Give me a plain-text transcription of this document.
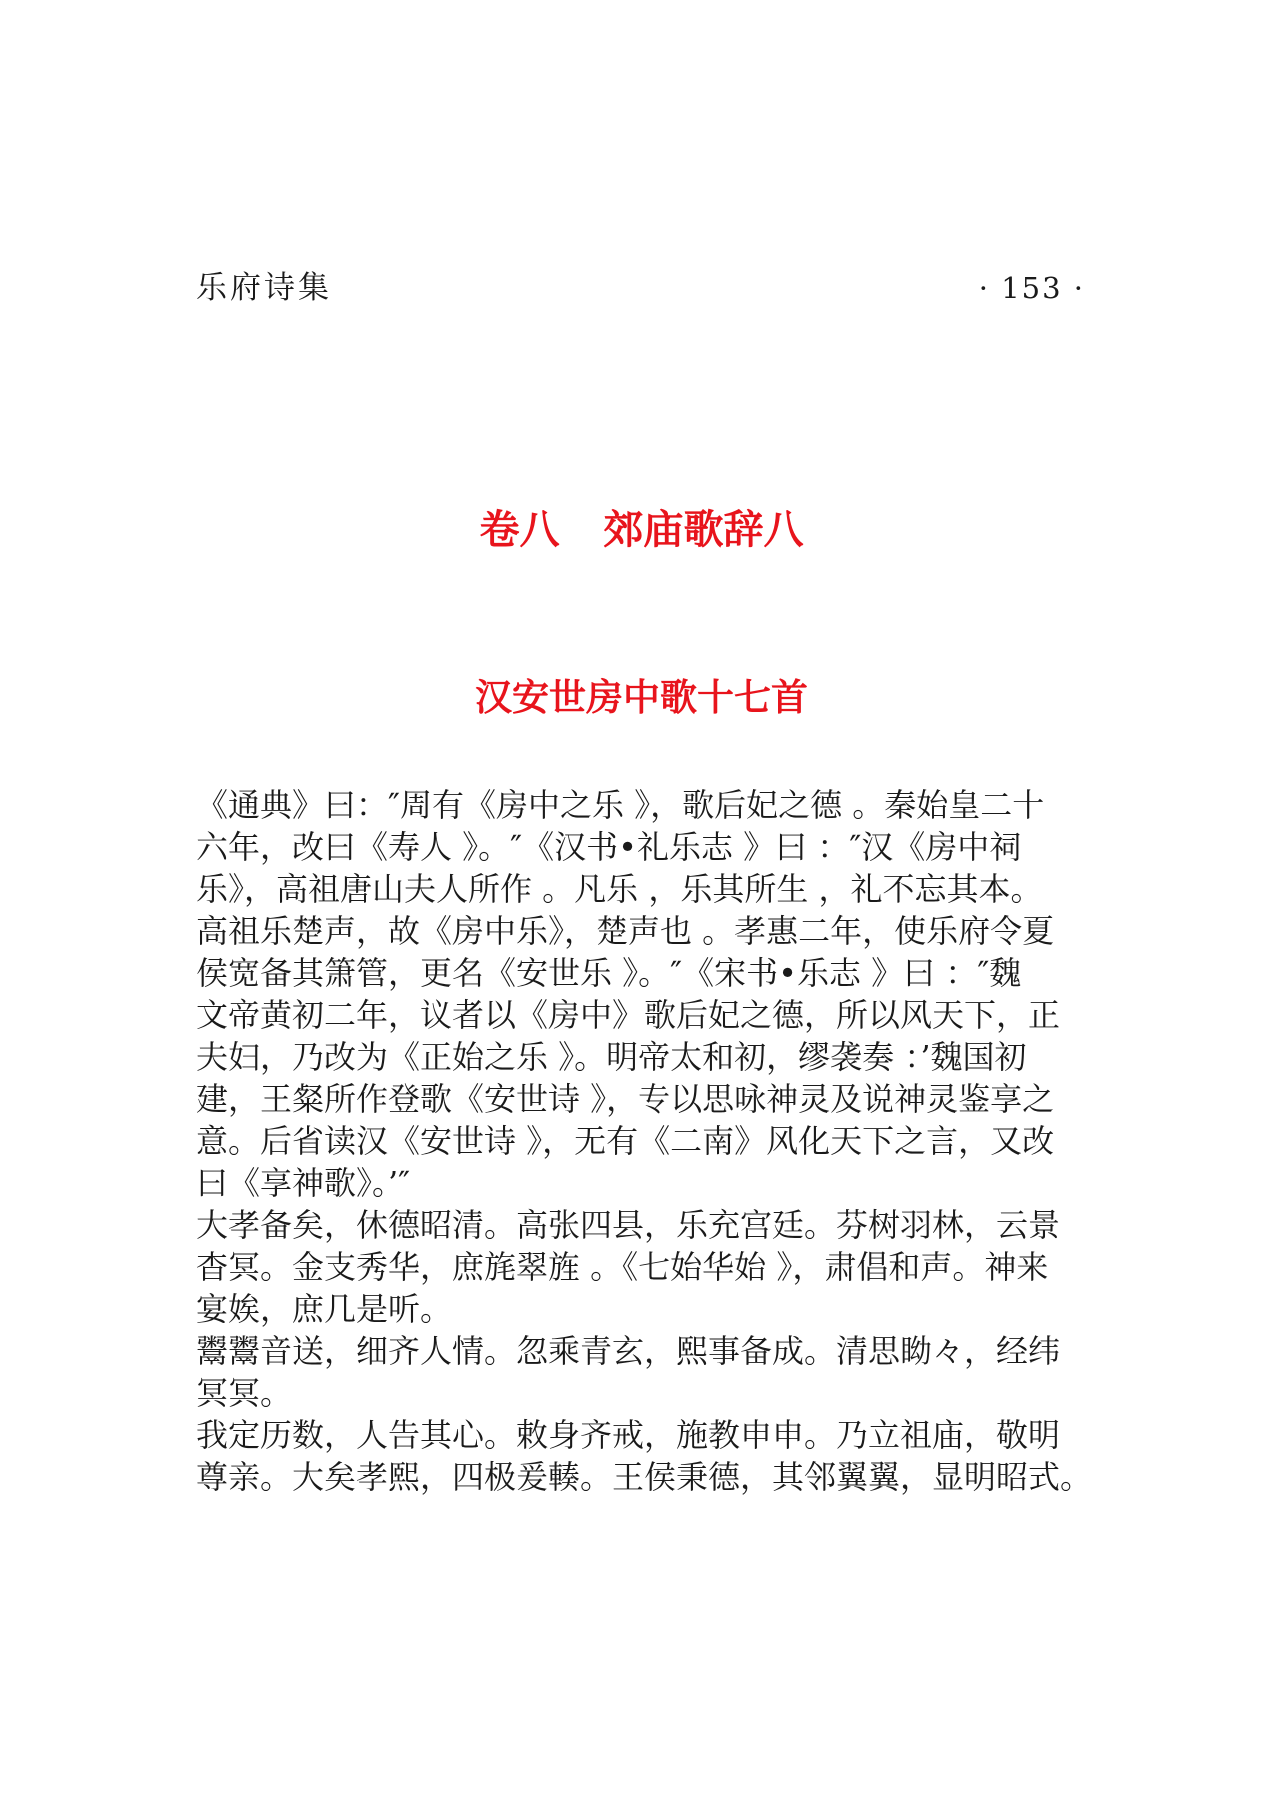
乐府诗集	· 153 ·
卷八 郊庙歌辞八
汉安世房中歌十七首
《通典》曰：″周有《房中之乐 》，歌后妃之德 。秦始皇二十
六年，改曰《寿人 》。″《汉书•礼乐志 》曰 ：″汉《房中祠
乐》，高祖唐山夫人所作 。凡乐 ，乐其所生 ，礼不忘其本。
高祖乐楚声，故《房中乐》，楚声也 。孝惠二年，使乐府令夏
侯宽备其箫管，更名《安世乐 》。″《宋书•乐志 》曰 ：″魏
文帝黄初二年，议者以《房中》歌后妃之德，所以风天下，正
夫妇，乃改为《正始之乐 》。明帝太和初，缪袭奏 ：’魏国初
建，王粲所作登歌《安世诗 》，专以思咏神灵及说神灵鉴享之
意。后省读汉《安世诗 》，无有《二南》风化天下之言，又改
曰《享神歌》。’″
大孝备矣，休德昭清。高张四县，乐充宫廷。芬树羽林，云景
杳冥。金支秀华，庶旄翠旌 。《七始华始 》，肃倡和声。神来
宴娭，庶几是听。
鬻鬻音送，细齐人情。忽乘青玄，熙事备成。清思眑々，经纬
冥冥。
我定历数，人告其心。敕身齐戒，施教申申。乃立祖庙，敬明
尊亲。大矣孝熙，四极爰輳。王侯秉德，其邻翼翼，显明昭式。
